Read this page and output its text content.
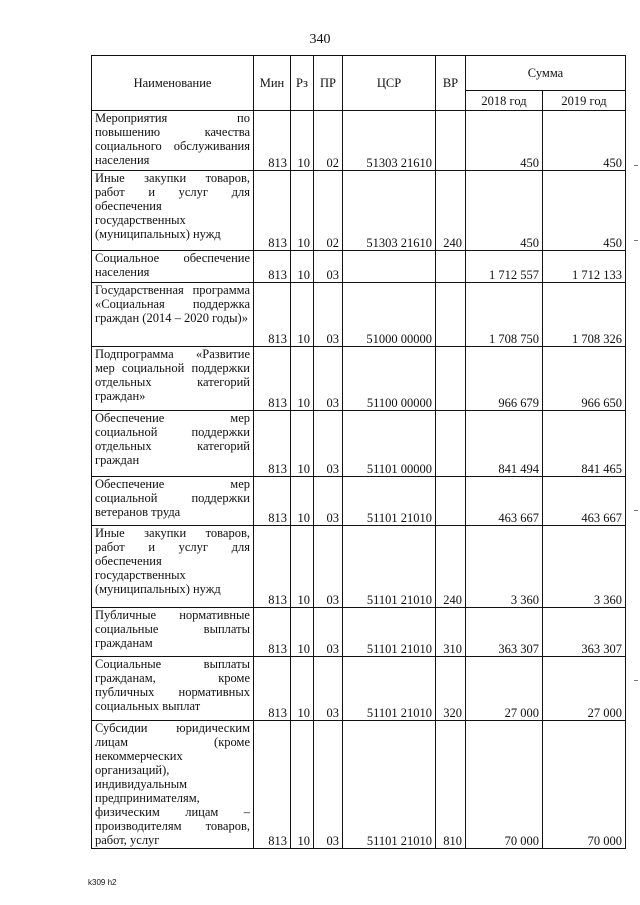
340
Наименование	Мин	Рз	ПР	ЦСР	ВР	Сумма	
						2018 год	2019 год
Мероприятия по повышению качества социального обслуживания населения	813	10	02	51303 21610		450	450
Иные закупки товаров, работ и услуг для обеспечения государственных (муниципальных) нужд	813	10	02	51303 21610	240	450	450
Социальное обеспечение населения	813	10	03			1 712 557	1 712 133
Государственная программа «Социальная поддержка граждан (2014 – 2020 годы)»	813	10	03	51000 00000		1 708 750	1 708 326
Подпрограмма «Развитие мер социальной поддержки отдельных категорий граждан»	813	10	03	51100 00000		966 679	966 650
Обеспечение мер социальной поддержки отдельных категорий граждан	813	10	03	51101 00000		841 494	841 465
Обеспечение мер социальной поддержки ветеранов труда	813	10	03	51101 21010		463 667	463 667
Иные закупки товаров, работ и услуг для обеспечения государственных (муниципальных) нужд	813	10	03	51101 21010	240	3 360	3 360
Публичные нормативные социальные выплаты гражданам	813	10	03	51101 21010	310	363 307	363 307
Социальные выплаты гражданам, кроме публичных нормативных социальных выплат	813	10	03	51101 21010	320	27 000	27 000
Субсидии юридическим лицам (кроме некоммерческих организаций), индивидуальным предпринимателям, физическим лицам – производителям товаров, работ, услуг	813	10	03	51101 21010	810	70 000	70 000
k309 h2
